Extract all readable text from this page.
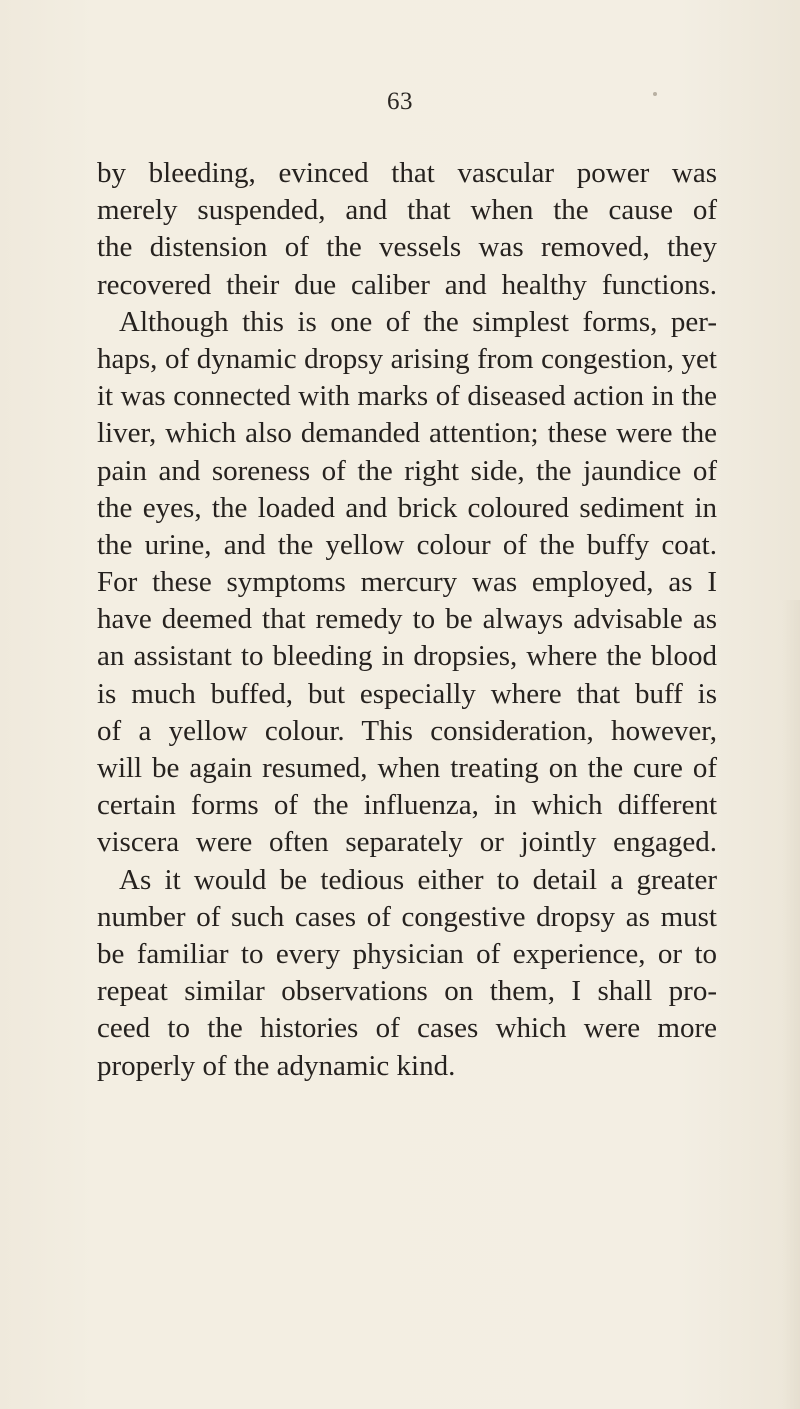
63
by bleeding, evinced that vascular power was
merely suspended, and that when the cause of
the distension of the vessels was removed, they
recovered their due caliber and healthy functions.
Although this is one of the simplest forms, per-
haps, of dynamic dropsy arising from congestion, yet
it was connected with marks of diseased action in the
liver, which also demanded attention; these were the
pain and soreness of the right side, the jaundice of
the eyes, the loaded and brick coloured sediment in
the urine, and the yellow colour of the buffy coat.
For these symptoms mercury was employed, as I
have deemed that remedy to be always advisable as
an assistant to bleeding in dropsies, where the blood
is much buffed, but especially where that buff is
of a yellow colour. This consideration, however,
will be again resumed, when treating on the cure of
certain forms of the influenza, in which different
viscera were often separately or jointly engaged.
As it would be tedious either to detail a greater
number of such cases of congestive dropsy as must
be familiar to every physician of experience, or to
repeat similar observations on them, I shall pro-
ceed to the histories of cases which were more
properly of the adynamic kind.
